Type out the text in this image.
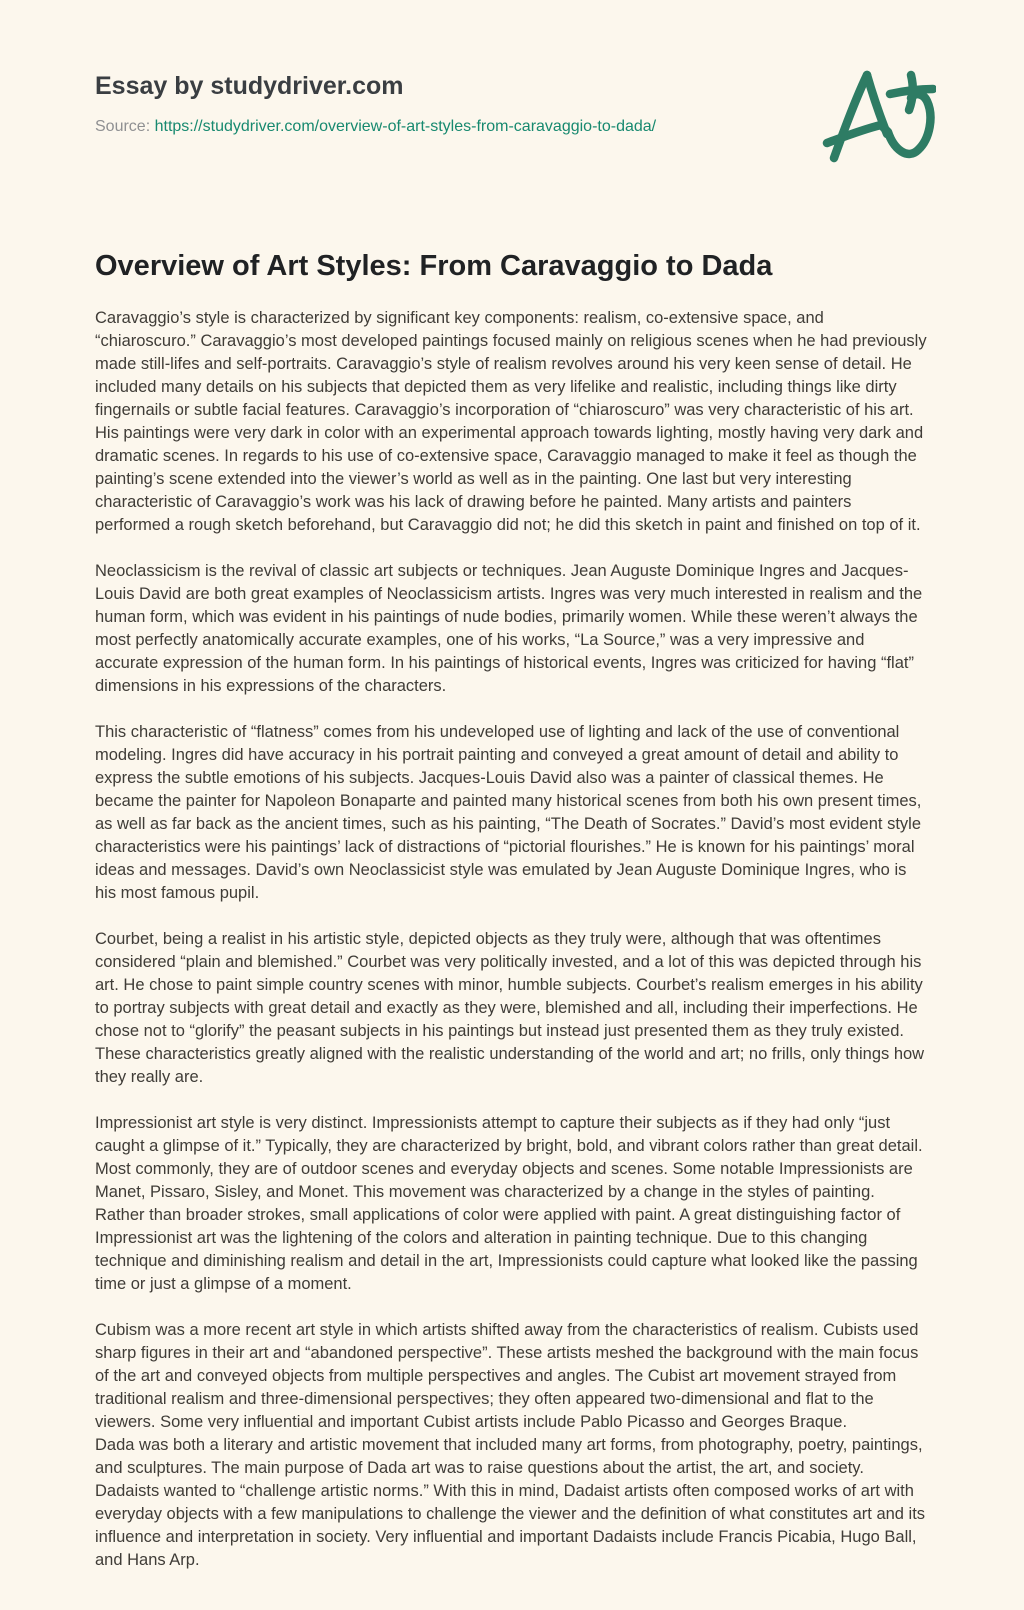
Essay by studydriver.com
Source: https://studydriver.com/overview-of-art-styles-from-caravaggio-to-dada/
Overview of Art Styles: From Caravaggio to Dada

Caravaggio’s style is characterized by significant key components: realism, co-extensive space, and “chiaroscuro.” Caravaggio’s most developed paintings focused mainly on religious scenes when he had previously made still-lifes and self-portraits. Caravaggio’s style of realism revolves around his very keen sense of detail. He included many details on his subjects that depicted them as very lifelike and realistic, including things like dirty fingernails or subtle facial features. Caravaggio’s incorporation of “chiaroscuro” was very characteristic of his art. His paintings were very dark in color with an experimental approach towards lighting, mostly having very dark and dramatic scenes. In regards to his use of co-extensive space, Caravaggio managed to make it feel as though the painting’s scene extended into the viewer’s world as well as in the painting. One last but very interesting characteristic of Caravaggio’s work was his lack of drawing before he painted. Many artists and painters performed a rough sketch beforehand, but Caravaggio did not; he did this sketch in paint and finished on top of it.

Neoclassicism is the revival of classic art subjects or techniques. Jean Auguste Dominique Ingres and Jacques-Louis David are both great examples of Neoclassicism artists. Ingres was very much interested in realism and the human form, which was evident in his paintings of nude bodies, primarily women. While these weren’t always the most perfectly anatomically accurate examples, one of his works, “La Source,” was a very impressive and accurate expression of the human form. In his paintings of historical events, Ingres was criticized for having “flat” dimensions in his expressions of the characters.

This characteristic of “flatness” comes from his undeveloped use of lighting and lack of the use of conventional modeling. Ingres did have accuracy in his portrait painting and conveyed a great amount of detail and ability to express the subtle emotions of his subjects. Jacques-Louis David also was a painter of classical themes. He became the painter for Napoleon Bonaparte and painted many historical scenes from both his own present times, as well as far back as the ancient times, such as his painting, “The Death of Socrates.” David’s most evident style characteristics were his paintings’ lack of distractions of “pictorial flourishes.” He is known for his paintings’ moral ideas and messages. David’s own Neoclassicist style was emulated by Jean Auguste Dominique Ingres, who is his most famous pupil.

Courbet, being a realist in his artistic style, depicted objects as they truly were, although that was oftentimes considered “plain and blemished.” Courbet was very politically invested, and a lot of this was depicted through his art. He chose to paint simple country scenes with minor, humble subjects. Courbet’s realism emerges in his ability to portray subjects with great detail and exactly as they were, blemished and all, including their imperfections. He chose not to “glorify” the peasant subjects in his paintings but instead just presented them as they truly existed. These characteristics greatly aligned with the realistic understanding of the world and art; no frills, only things how they really are.

Impressionist art style is very distinct. Impressionists attempt to capture their subjects as if they had only “just caught a glimpse of it.” Typically, they are characterized by bright, bold, and vibrant colors rather than great detail. Most commonly, they are of outdoor scenes and everyday objects and scenes. Some notable Impressionists are Manet, Pissaro, Sisley, and Monet. This movement was characterized by a change in the styles of painting. Rather than broader strokes, small applications of color were applied with paint. A great distinguishing factor of Impressionist art was the lightening of the colors and alteration in painting technique. Due to this changing technique and diminishing realism and detail in the art, Impressionists could capture what looked like the passing time or just a glimpse of a moment.

Cubism was a more recent art style in which artists shifted away from the characteristics of realism. Cubists used sharp figures in their art and “abandoned perspective”. These artists meshed the background with the main focus of the art and conveyed objects from multiple perspectives and angles. The Cubist art movement strayed from traditional realism and three-dimensional perspectives; they often appeared two-dimensional and flat to the viewers. Some very influential and important Cubist artists include Pablo Picasso and Georges Braque.

Dada was both a literary and artistic movement that included many art forms, from photography, poetry, paintings, and sculptures. The main purpose of Dada art was to raise questions about the artist, the art, and society. Dadaists wanted to “challenge artistic norms.” With this in mind, Dadaist artists often composed works of art with everyday objects with a few manipulations to challenge the viewer and the definition of what constitutes art and its influence and interpretation in society. Very influential and important Dadaists include Francis Picabia, Hugo Ball, and Hans Arp.
